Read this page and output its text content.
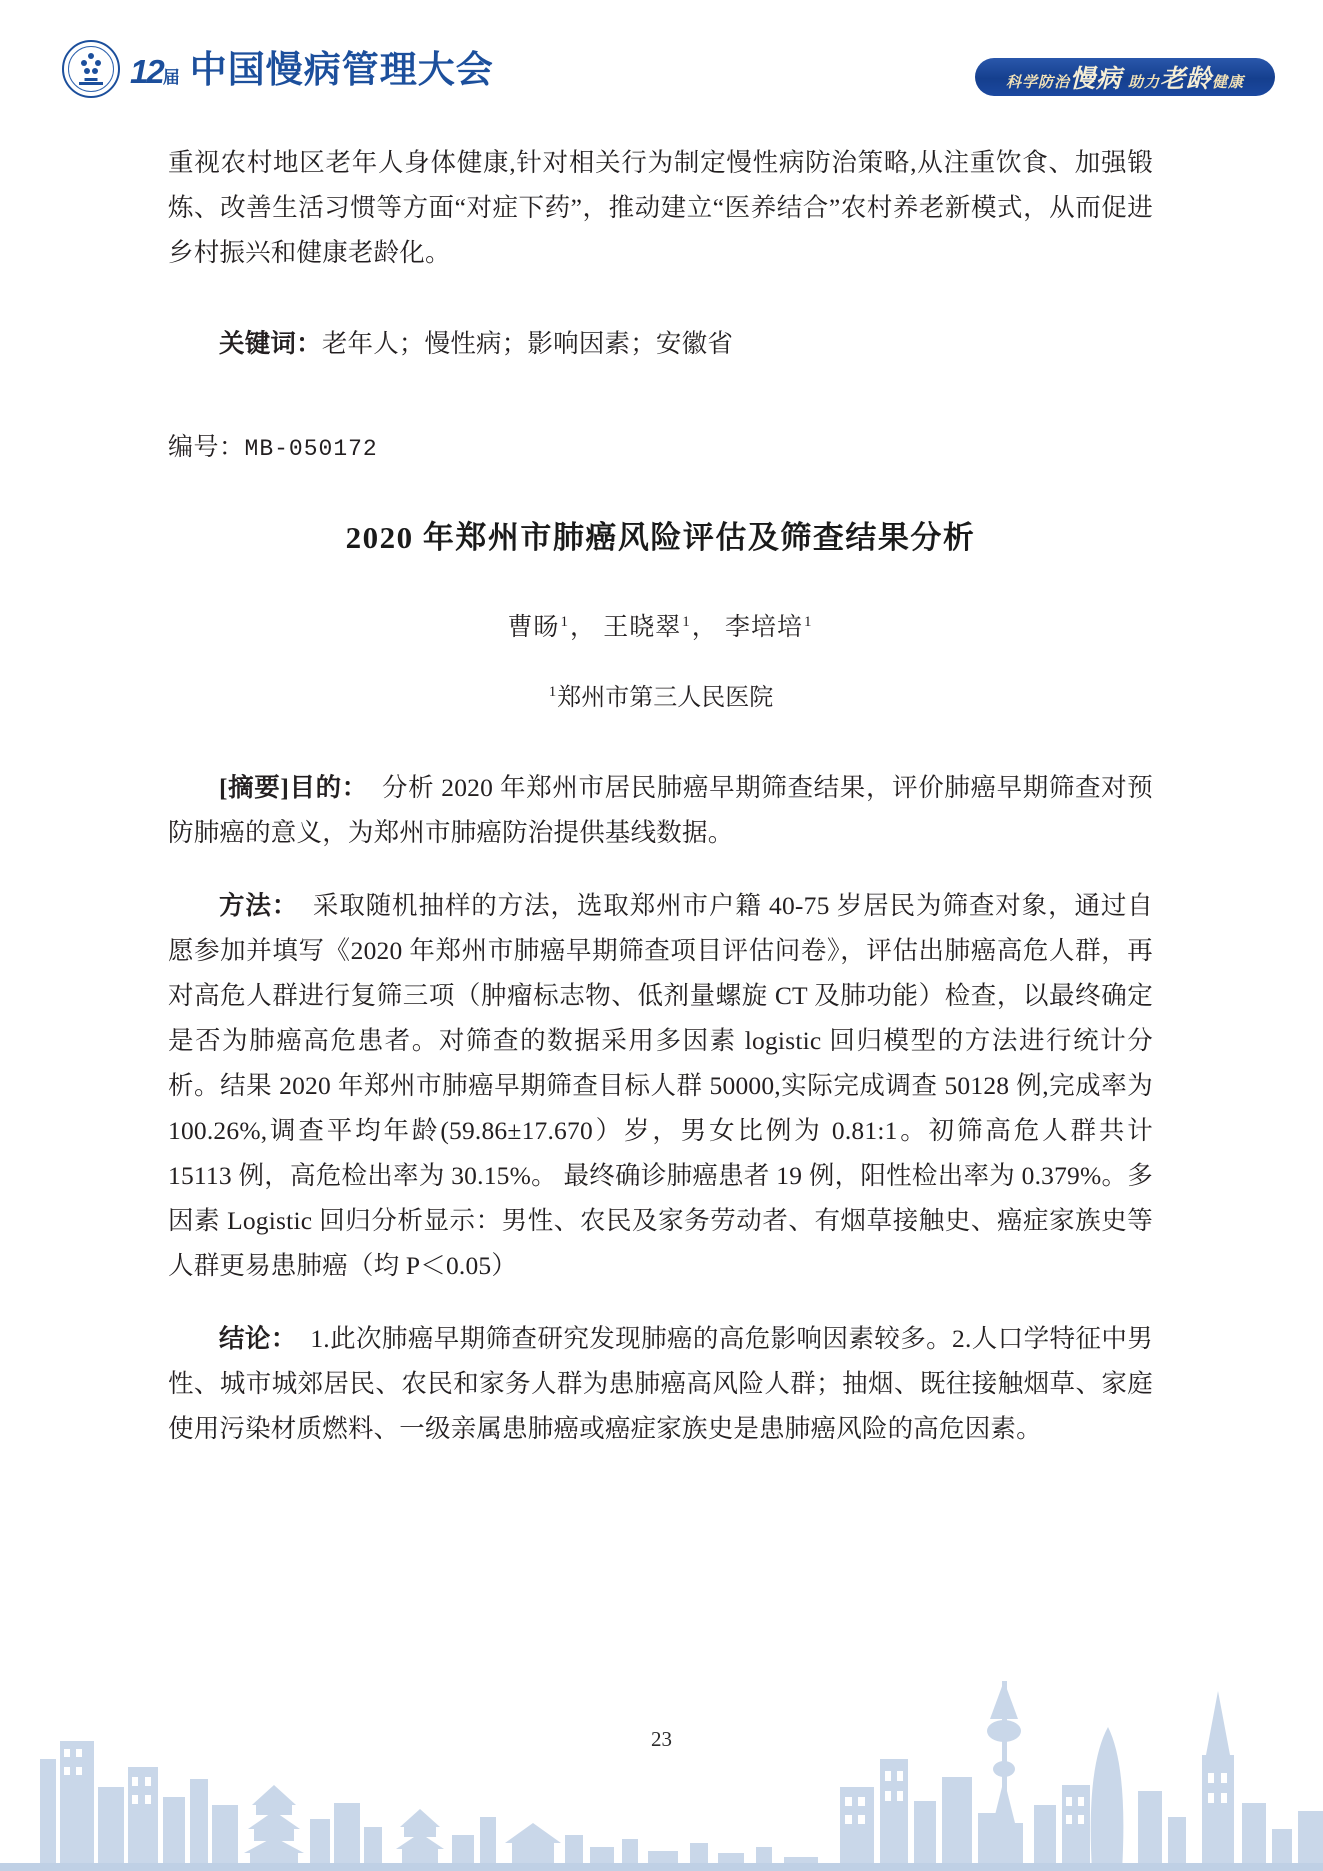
12届 中国慢病管理大会	科学防治慢病 助力老龄健康

重视农村地区老年人身体健康,针对相关行为制定慢性病防治策略,从注重饮食、加强锻炼、改善生活习惯等方面“对症下药”，推动建立“医养结合”农村养老新模式，从而促进乡村振兴和健康老龄化。

关键词：老年人；慢性病；影响因素；安徽省

编号：MB-050172

2020 年郑州市肺癌风险评估及筛查结果分析

曹旸$^1$， 王晓翠$^1$， 李培培$^1$

$^1$郑州市第三人民医院

[摘要]目的： 分析 2020 年郑州市居民肺癌早期筛查结果，评价肺癌早期筛查对预防肺癌的意义，为郑州市肺癌防治提供基线数据。

方法： 采取随机抽样的方法，选取郑州市户籍 40-75 岁居民为筛查对象，通过自愿参加并填写《2020 年郑州市肺癌早期筛查项目评估问卷》，评估出肺癌高危人群，再对高危人群进行复筛三项（肿瘤标志物、低剂量螺旋 CT 及肺功能）检查，以最终确定是否为肺癌高危患者。对筛查的数据采用多因素 logistic 回归模型的方法进行统计分析。结果 2020 年郑州市肺癌早期筛查目标人群 50000,实际完成调查 50128 例,完成率为 100.26%,调查平均年龄(59.86±17.670）岁，男女比例为 0.81:1。初筛高危人群共计 15113 例，高危检出率为 30.15%。 最终确诊肺癌患者 19 例，阳性检出率为 0.379%。多因素 Logistic 回归分析显示：男性、农民及家务劳动者、有烟草接触史、癌症家族史等人群更易患肺癌（均 P＜0.05）

结论： 1.此次肺癌早期筛查研究发现肺癌的高危影响因素较多。2.人口学特征中男性、城市城郊居民、农民和家务人群为患肺癌高风险人群；抽烟、既往接触烟草、家庭使用污染材质燃料、一级亲属患肺癌或癌症家族史是患肺癌风险的高危因素。

23
